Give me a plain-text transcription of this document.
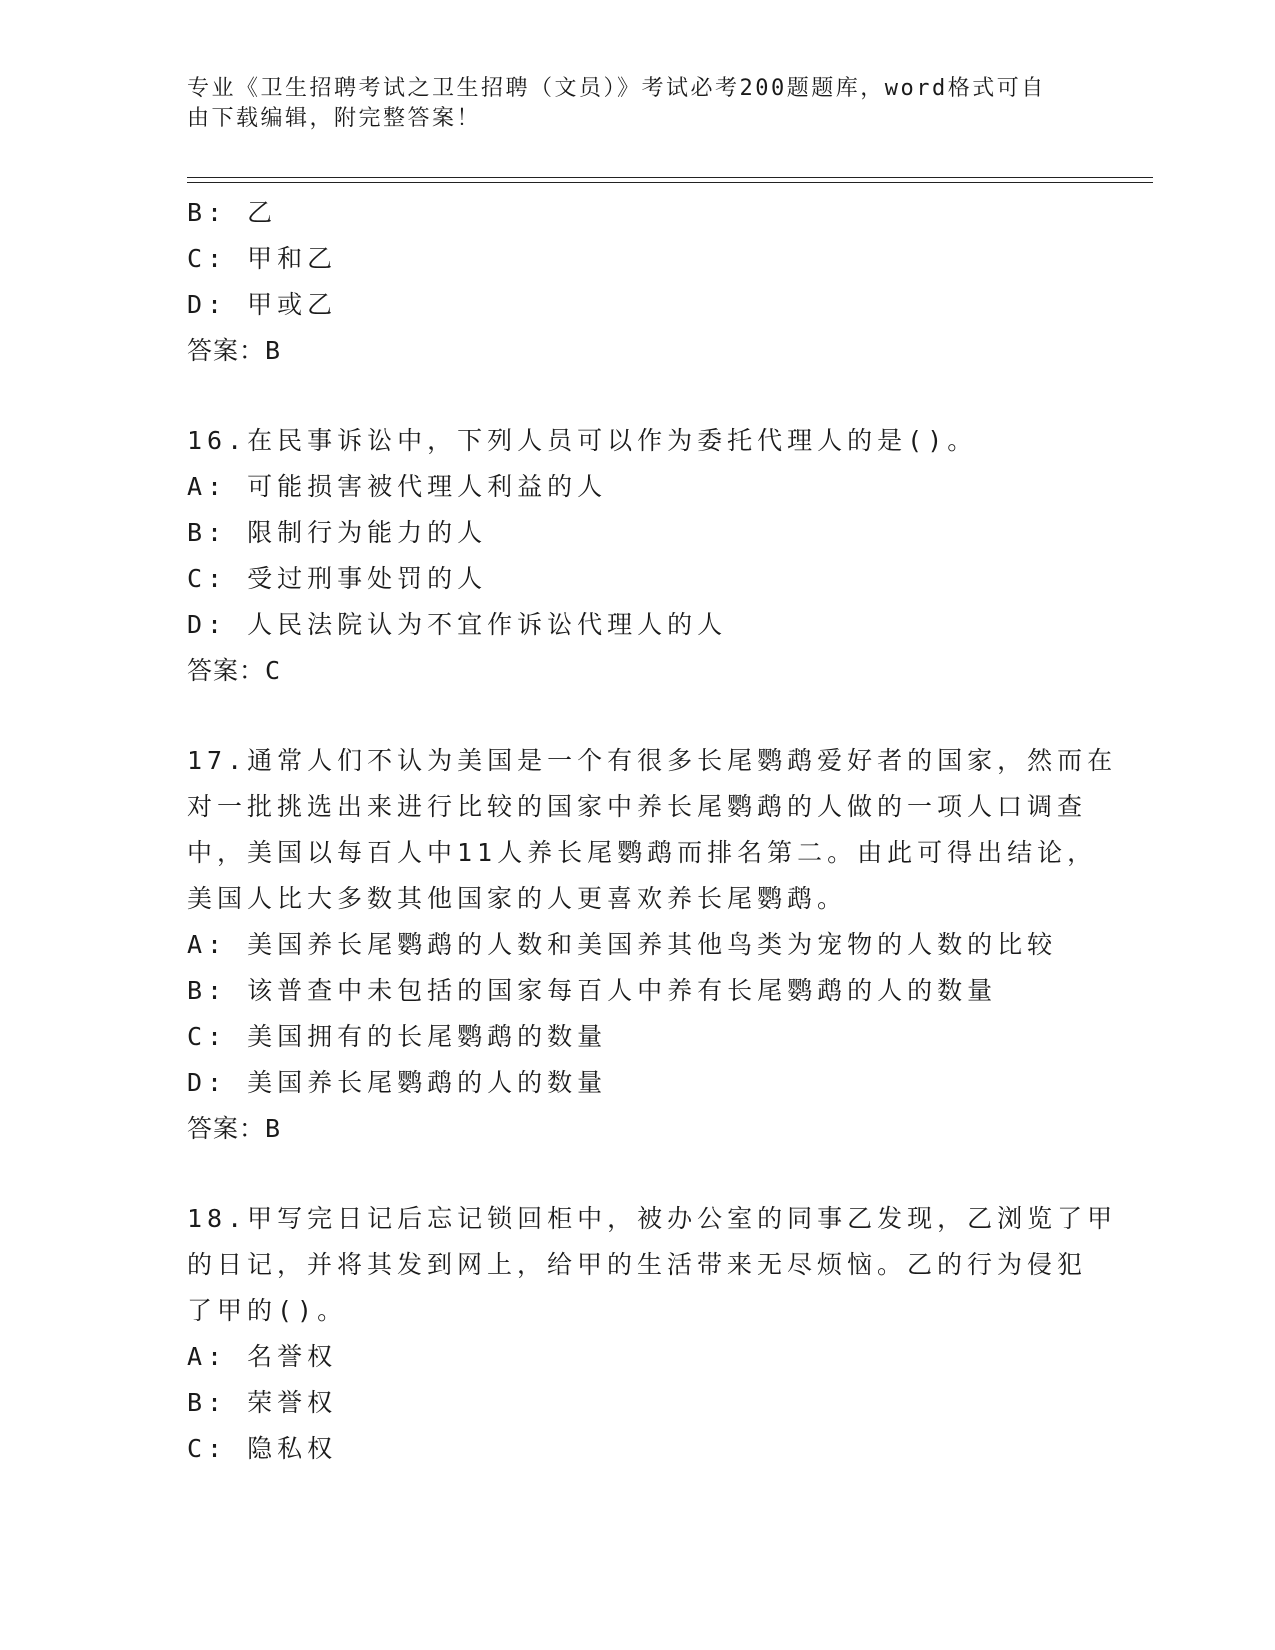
专业《卫生招聘考试之卫生招聘（文员）》考试必考200题题库，word格式可自
由下载编辑，附完整答案！
B: 乙
C: 甲和乙
D: 甲或乙
答案：B
16.在民事诉讼中，下列人员可以作为委托代理人的是()。
A: 可能损害被代理人利益的人
B: 限制行为能力的人
C: 受过刑事处罚的人
D: 人民法院认为不宜作诉讼代理人的人
答案：C
17.通常人们不认为美国是一个有很多长尾鹦鹉爱好者的国家，然而在
对一批挑选出来进行比较的国家中养长尾鹦鹉的人做的一项人口调查
中，美国以每百人中11人养长尾鹦鹉而排名第二。由此可得出结论，
美国人比大多数其他国家的人更喜欢养长尾鹦鹉。
A: 美国养长尾鹦鹉的人数和美国养其他鸟类为宠物的人数的比较
B: 该普查中未包括的国家每百人中养有长尾鹦鹉的人的数量
C: 美国拥有的长尾鹦鹉的数量
D: 美国养长尾鹦鹉的人的数量
答案：B
18.甲写完日记后忘记锁回柜中，被办公室的同事乙发现，乙浏览了甲
的日记，并将其发到网上，给甲的生活带来无尽烦恼。乙的行为侵犯
了甲的()。
A: 名誉权
B: 荣誉权
C: 隐私权
